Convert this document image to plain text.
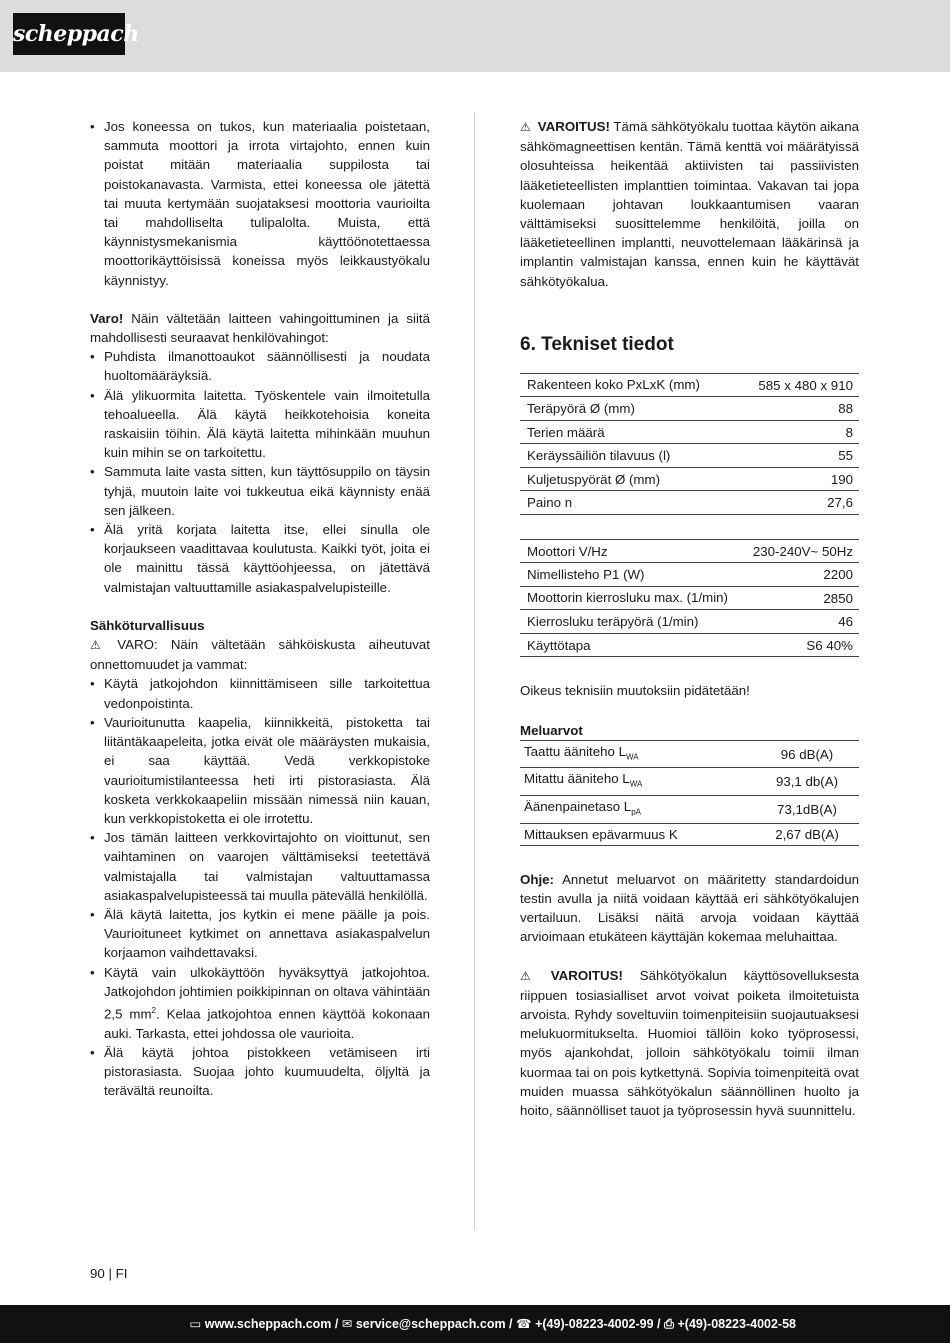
scheppach
• Jos koneessa on tukos, kun materiaalia poistetaan, sammuta moottori ja irrota virtajohto, ennen kuin poistat mitään materiaalia suppilosta tai poistokanavasta. Varmista, ettei koneessa ole jätettä tai muuta kertymään suojataksesi moottoria vaurioilta tai mahdolliselta tulipalolta. Muista, että käynnistysmekanismia käyttöönotettaessa moottorikäyttöisissä koneissa myös leikkaustyökalu käynnistyy.

Varo! Näin vältetään laitteen vahingoittuminen ja siitä mahdollisesti seuraavat henkilövahingot:

• Puhdista ilmanottoaukot säännöllisesti ja noudata huoltomääräyksiä.
• Älä ylikuormita laitetta. Työskentele vain ilmoitetulla tehoalueella. Älä käytä heikkotehoisia koneita raskaisiin töihin. Älä käytä laitetta mihinkään muuhun kuin mihin se on tarkoitettu.
• Sammuta laite vasta sitten, kun täyttösuppilo on täysin tyhjä, muutoin laite voi tukkeutua eikä käynnisty enää sen jälkeen.
• Älä yritä korjata laitetta itse, ellei sinulla ole korjaukseen vaadittavaa koulutusta. Kaikki työt, joita ei ole mainittu tässä käyttöohjeessa, on jätettävä valmistajan valtuuttamille asiakaspalvelupisteille.

Sähköturvallisuus

⚠ VARO: Näin vältetään sähköiskusta aiheutuvat onnettomuudet ja vammat:

• Käytä jatkojohdon kiinnittämiseen sille tarkoitettua vedonpoistinta.
• Vaurioitunutta kaapelia, kiinnikkeitä, pistoketta tai liitäntäkaapeleita, jotka eivät ole määräysten mukaisia, ei saa käyttää. Vedä verkkopistoke vaurioitumistilanteessa heti irti pistorasiasta. Älä kosketa verkkokaapeliin missään nimessä niin kauan, kun verkkopistoketta ei ole irrotettu.
• Jos tämän laitteen verkkovirtajohto on vioittunut, sen vaihtaminen on vaarojen välttämiseksi teetettävä valmistajalla tai valmistajan valtuuttamassa asiakaspalvelupisteessä tai muulla pätevällä henkilöllä.
• Älä käytä laitetta, jos kytkin ei mene päälle ja pois. Vaurioituneet kytkimet on annettava asiakaspalvelun korjaamon vaihdettavaksi.
• Käytä vain ulkokäyttöön hyväksyttyä jatkojohtoa. Jatkojohdon johtimien poikkipinnan on oltava vähintään 2,5 $mm^2$. Kelaa jatkojohtoa ennen käyttöä kokonaan auki. Tarkasta, ettei johdossa ole vaurioita.
• Älä käytä johtoa pistokkeen vetämiseen irti pistorasiasta. Suojaa johto kuumuudelta, öljyltä ja terävältä reunoilta.

⚠ VAROITUS! Tämä sähkötyökalu tuottaa käytön aikana sähkömagneettisen kentän. Tämä kenttä voi määrätyissä olosuhteissa heikentää aktiivisten tai passiivisten lääketieteellisten implanttien toimintaa. Vakavan tai jopa kuolemaan johtavan loukkaantumisen vaaran välttämiseksi suosittelemme henkilöitä, joilla on lääketieteellinen implantti, neuvottelemaan lääkärinsä ja implantin valmistajan kanssa, ennen kuin he käyttävät sähkötyökalua.

6. Tekniset tiedot
Rakenteen koko PxLxK (mm)	585 x 480 x 910
Teräpyörä Ø (mm)	88
Terien määrä	8
Keräyssäiliön tilavuus (l)	55
Kuljetuspyörät Ø (mm)	190
Paino n	27,6
Moottori V/Hz	230-240V~ 50Hz
Nimellisteho P1 (W)	2200
Moottorin kierrosluku max. (1/min)	2850
Kierrosluku teräpyörä (1/min)	46
Käyttötapa	S6 40%

Oikeus teknisiin muutoksiin pidätetään!

Meluarvot

Taattu ääniteho $L_{WA}$	96 dB(A)
Mitattu ääniteho $L_{WA}$	93,1 db(A)
Äänenpainetaso $L_{pA}$	73,1dB(A)
Mittauksen epävarmuus K	2,67 dB(A)

Ohje: Annetut meluarvot on määritetty standardoidun testin avulla ja niitä voidaan käyttää eri sähkötyökalujen vertailuun. Lisäksi näitä arvoja voidaan käyttää arvioimaan etukäteen käyttäjän kokemaa meluhaittaa.

⚠ VAROITUS! Sähkötyökalun käyttösovelluksesta riippuen tosiasialliset arvot voivat poiketa ilmoitetuista arvoista. Ryhdy soveltuviin toimenpiteisiin suojautuaksesi melukuormitukselta. Huomioi tällöin koko työprosessi, myös ajankohdat, jolloin sähkötyökalu toimii ilman kuormaa tai on pois kytkettynä. Sopivia toimenpiteitä ovat muiden muassa sähkötyökalun säännöllinen huolto ja hoito, säännölliset tauot ja työprosessin hyvä suunnittelu.

90 | FI
▭ www.scheppach.com / ✉ service@scheppach.com / ☎ +(49)-08223-4002-99 / ⎙ +(49)-08223-4002-58
